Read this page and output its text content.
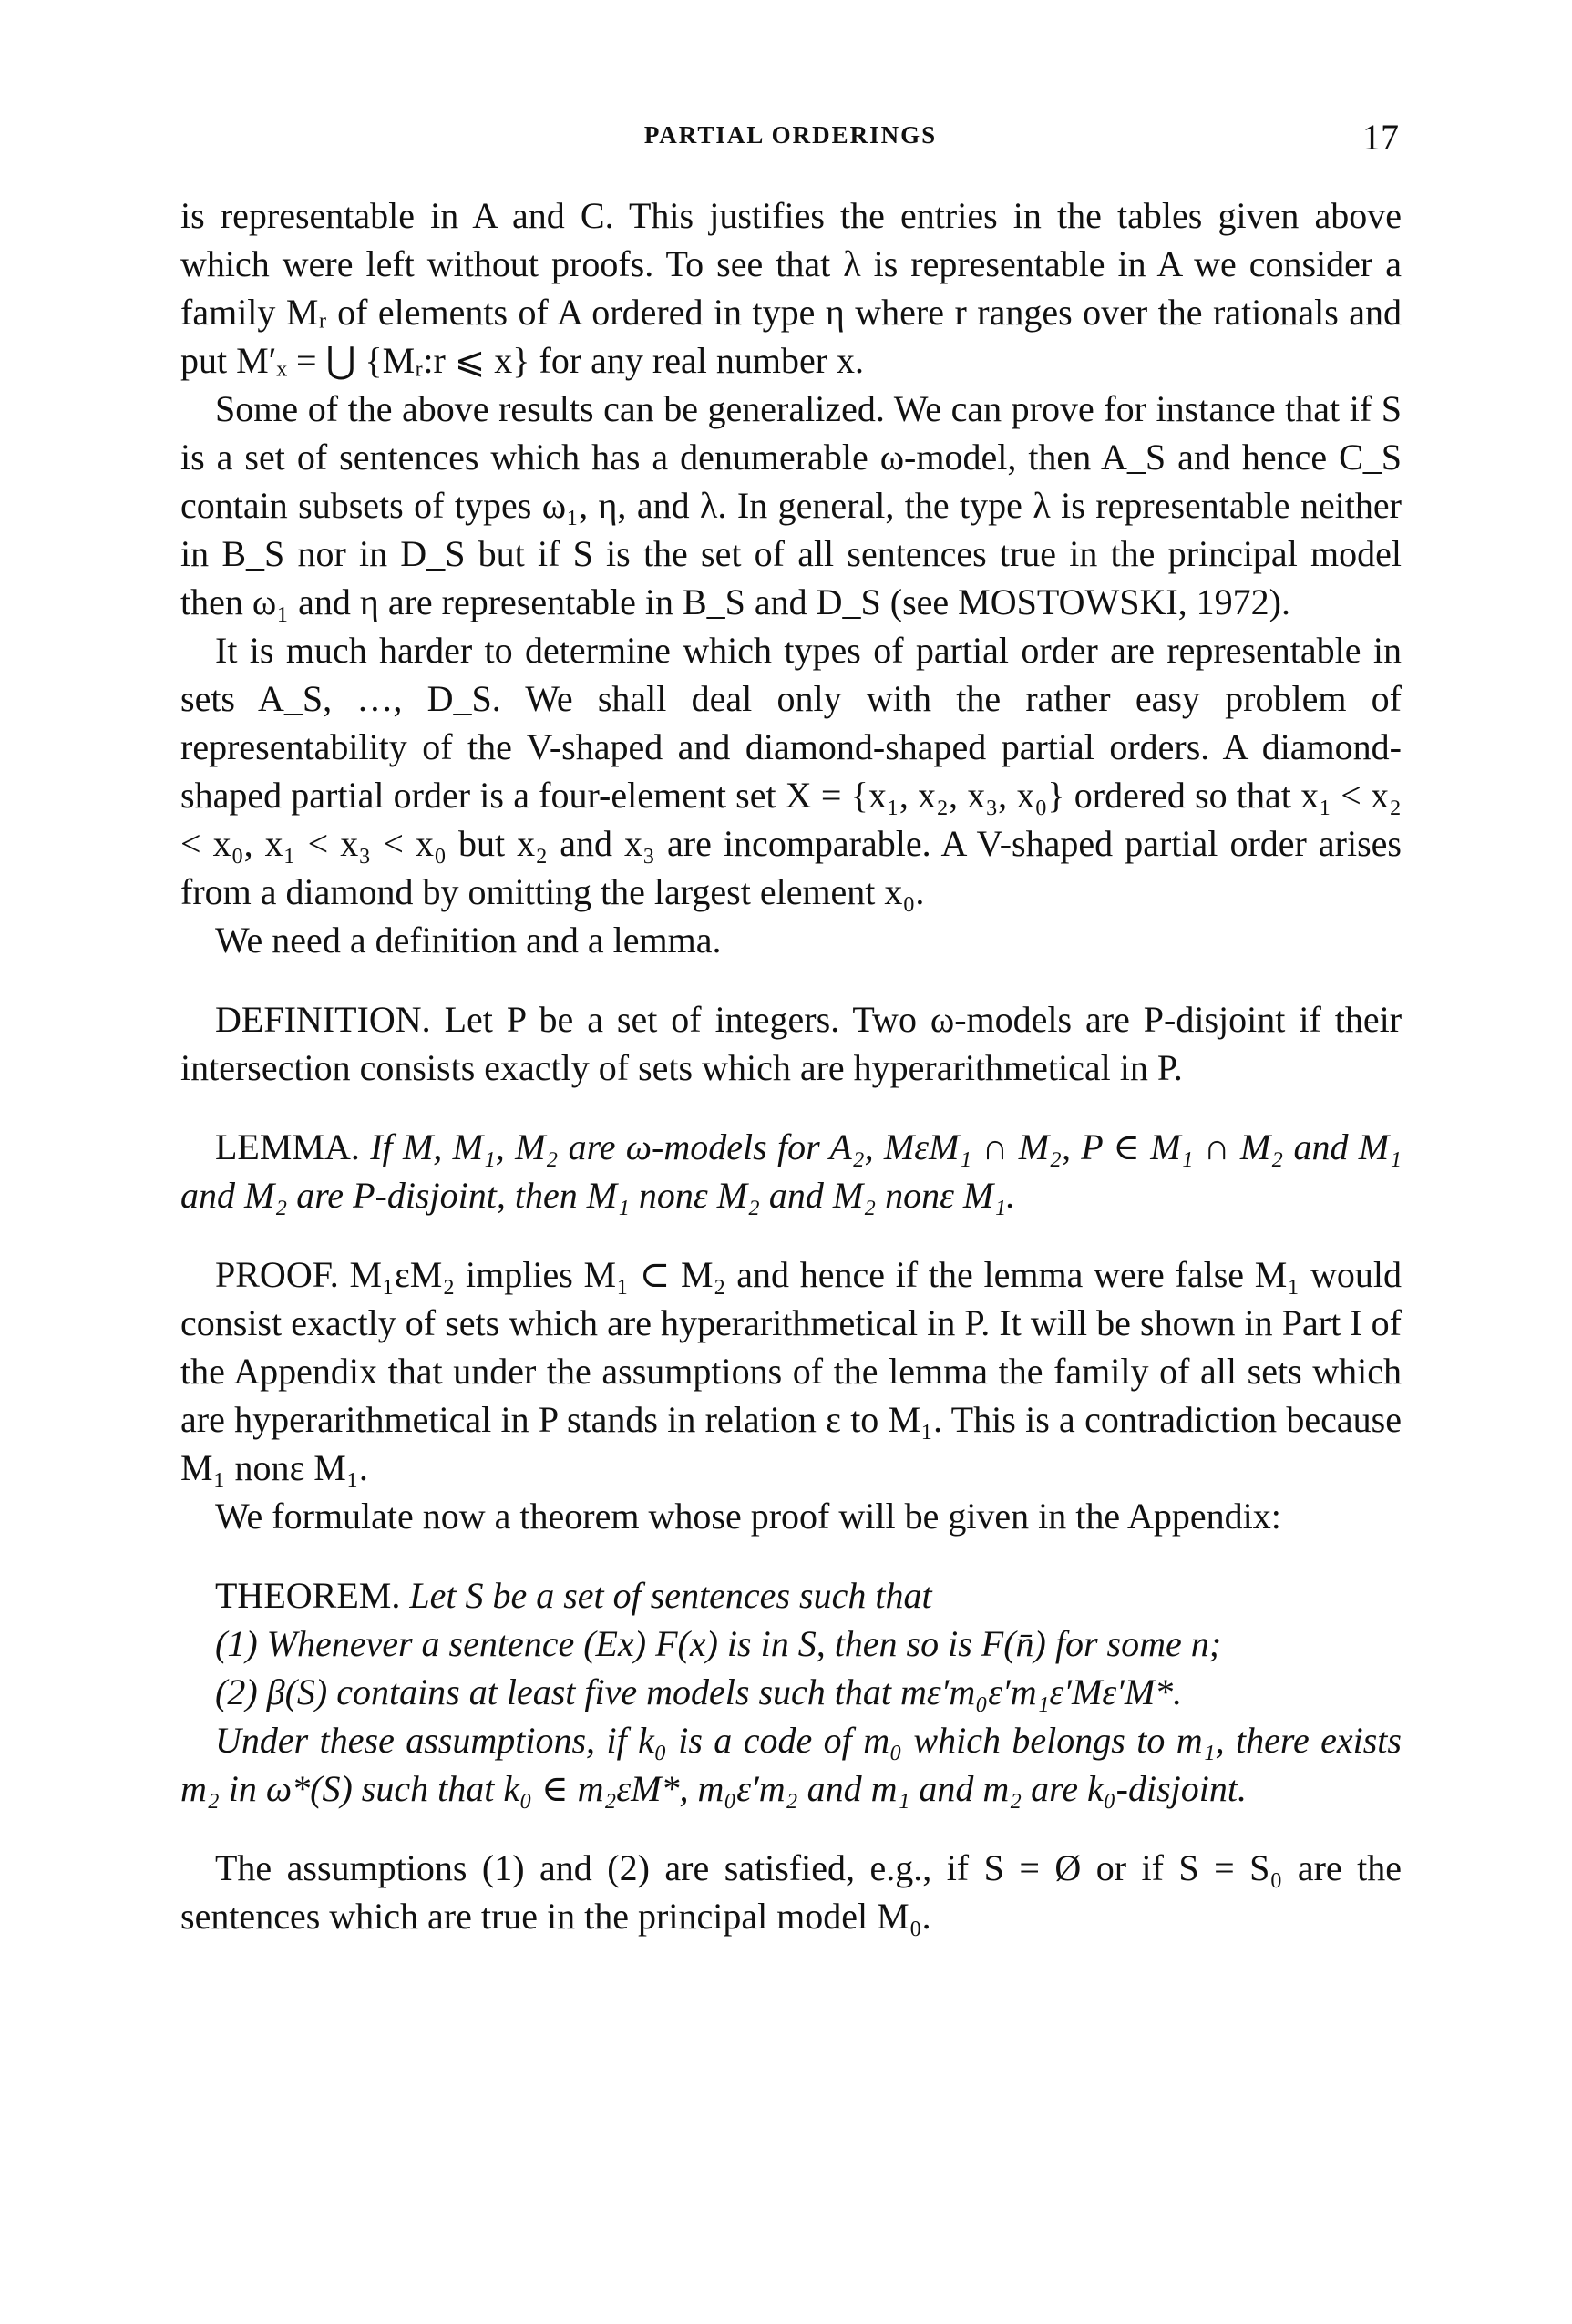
PARTIAL ORDERINGS	17

is representable in A and C. This justifies the entries in the tables given above which were left without proofs. To see that λ is representable in A we consider a family Mᵣ of elements of A ordered in type η where r ranges over the rationals and put M′ₓ = ⋃ {Mᵣ:r ⩽ x} for any real number x.

Some of the above results can be generalized. We can prove for instance that if S is a set of sentences which has a denumerable ω-model, then A_S and hence C_S contain subsets of types ω₁, η, and λ. In general, the type λ is representable neither in B_S nor in D_S but if S is the set of all sentences true in the principal model then ω₁ and η are representable in B_S and D_S (see MOSTOWSKI, 1972).

It is much harder to determine which types of partial order are representable in sets A_S, …, D_S. We shall deal only with the rather easy problem of representability of the V-shaped and diamond-shaped partial orders. A diamond-shaped partial order is a four-element set X = {x₁, x₂, x₃, x₀} ordered so that x₁ < x₂ < x₀, x₁ < x₃ < x₀ but x₂ and x₃ are incomparable. A V-shaped partial order arises from a diamond by omitting the largest element x₀.

We need a definition and a lemma.

DEFINITION. Let P be a set of integers. Two ω-models are P-disjoint if their intersection consists exactly of sets which are hyperarithmetical in P.

LEMMA. If M, M₁, M₂ are ω-models for A₂, MεM₁ ∩ M₂, P ∈ M₁ ∩ M₂ and M₁ and M₂ are P-disjoint, then M₁ nonε M₂ and M₂ nonε M₁.

PROOF. M₁εM₂ implies M₁ ⊂ M₂ and hence if the lemma were false M₁ would consist exactly of sets which are hyperarithmetical in P. It will be shown in Part I of the Appendix that under the assumptions of the lemma the family of all sets which are hyperarithmetical in P stands in relation ε to M₁. This is a contradiction because M₁ nonε M₁.

We formulate now a theorem whose proof will be given in the Appendix:

THEOREM. Let S be a set of sentences such that

(1) Whenever a sentence (Ex) F(x) is in S, then so is F(n̄) for some n;

(2) β(S) contains at least five models such that mε′m₀ε′m₁ε′Mε′M*.

Under these assumptions, if k₀ is a code of m₀ which belongs to m₁, there exists m₂ in ω*(S) such that k₀ ∈ m₂εM*, m₀ε′m₂ and m₁ and m₂ are k₀-disjoint.

The assumptions (1) and (2) are satisfied, e.g., if S = Ø or if S = S₀ are the sentences which are true in the principal model M₀.
